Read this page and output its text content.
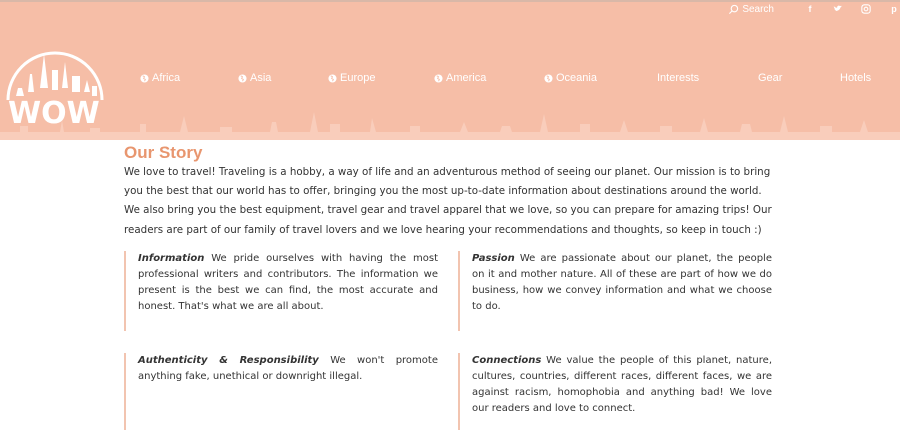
WOW
Search	f	p
Africa	Asia	Europe	America	Oceania	Interests	Gear	Hotels
Our Story

We love to travel! Traveling is a hobby, a way of life and an adventurous method of seeing our planet. Our mission is to bring you the best that our world has to offer, bringing you the most up-to-date information about destinations around the world. We also bring you the best equipment, travel gear and travel apparel that we love, so you can prepare for amazing trips! Our readers are part of our family of travel lovers and we love hearing your recommendations and thoughts, so keep in touch :)

Information We pride ourselves with having the most professional writers and contributors. The information we present is the best we can find, the most accurate and honest. That's what we are all about.
Passion We are passionate about our planet, the people on it and mother nature. All of these are part of how we do business, how we convey information and what we choose to do.
Authenticity & Responsibility We won't promote anything fake, unethical or downright illegal.
Connections We value the people of this planet, nature, cultures, countries, different races, different faces, we are against racism, homophobia and anything bad! We love our readers and love to connect.
